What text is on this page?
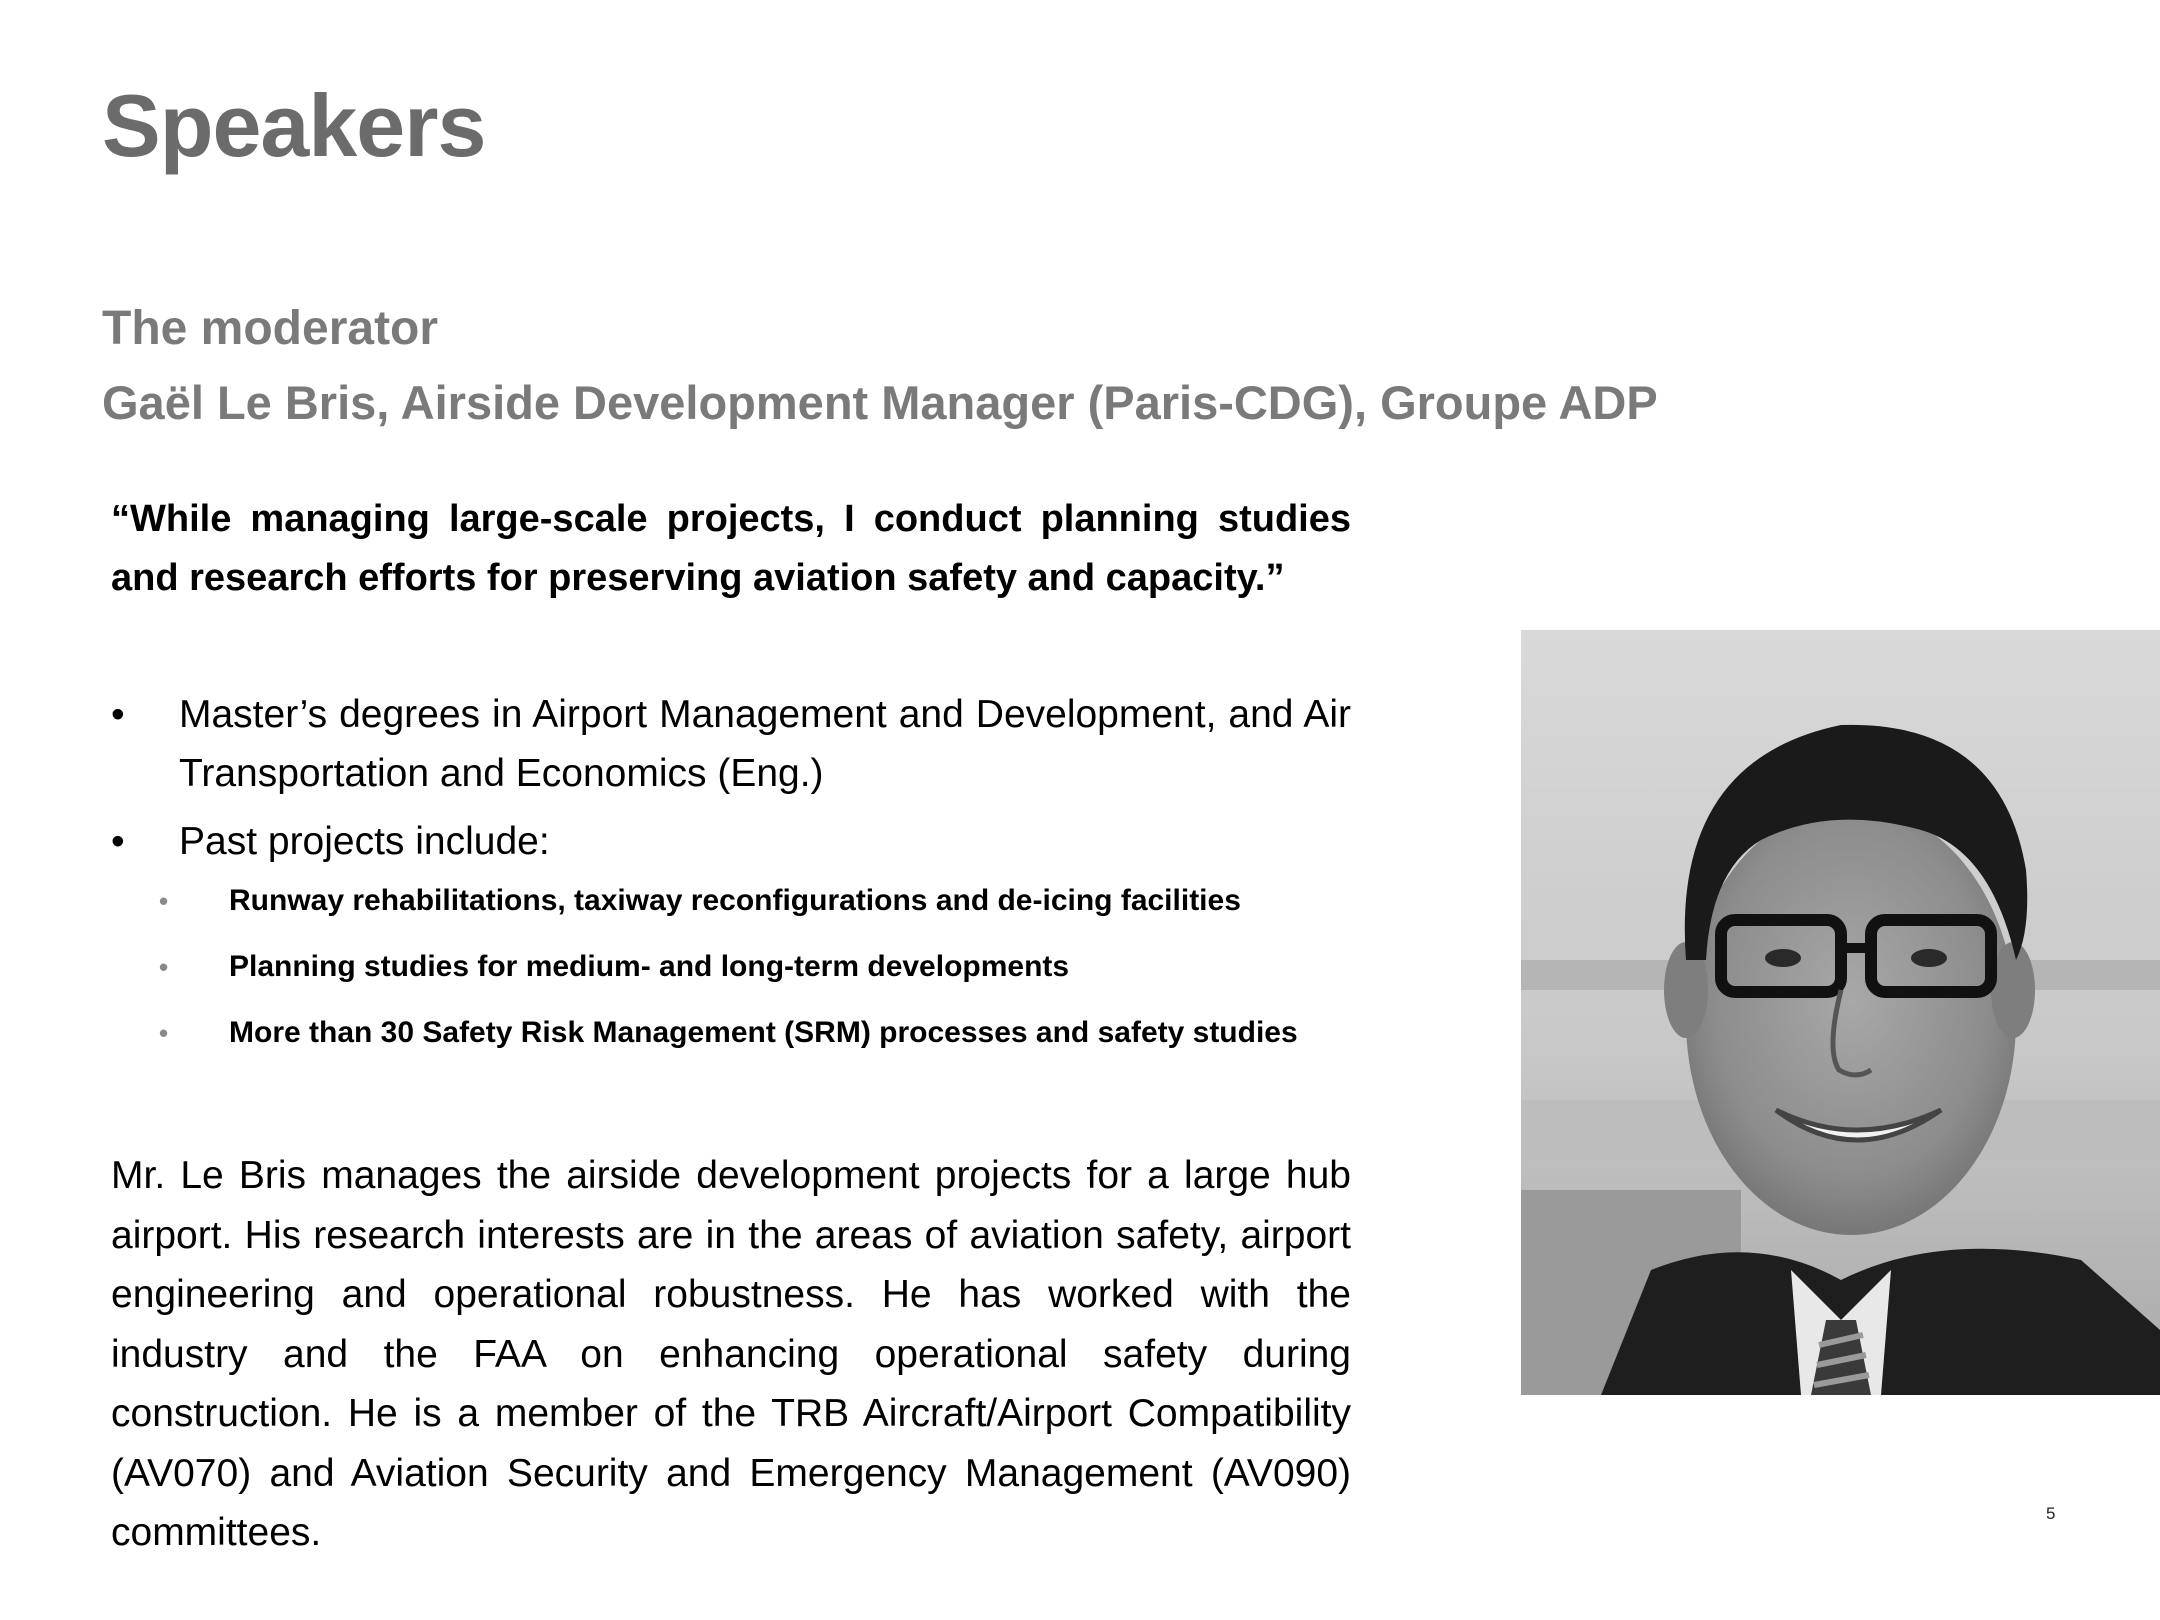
Speakers
The moderator
Gaël Le Bris, Airside Development Manager (Paris-CDG), Groupe ADP

“While managing large-scale projects, I conduct planning studies and research efforts for preserving aviation safety and capacity.”

• Master’s degrees in Airport Management and Development, and Air Transportation and Economics (Eng.)
• Past projects include:
• Runway rehabilitations, taxiway reconfigurations and de-icing facilities
• Planning studies for medium- and long-term developments
• More than 30 Safety Risk Management (SRM) processes and safety studies

Mr. Le Bris manages the airside development projects for a large hub airport. His research interests are in the areas of aviation safety, airport engineering and operational robustness. He has worked with the industry and the FAA on enhancing operational safety during construction. He is a member of the TRB Aircraft/Airport Compatibility (AV070) and Aviation Security and Emergency Management (AV090) committees.	5
